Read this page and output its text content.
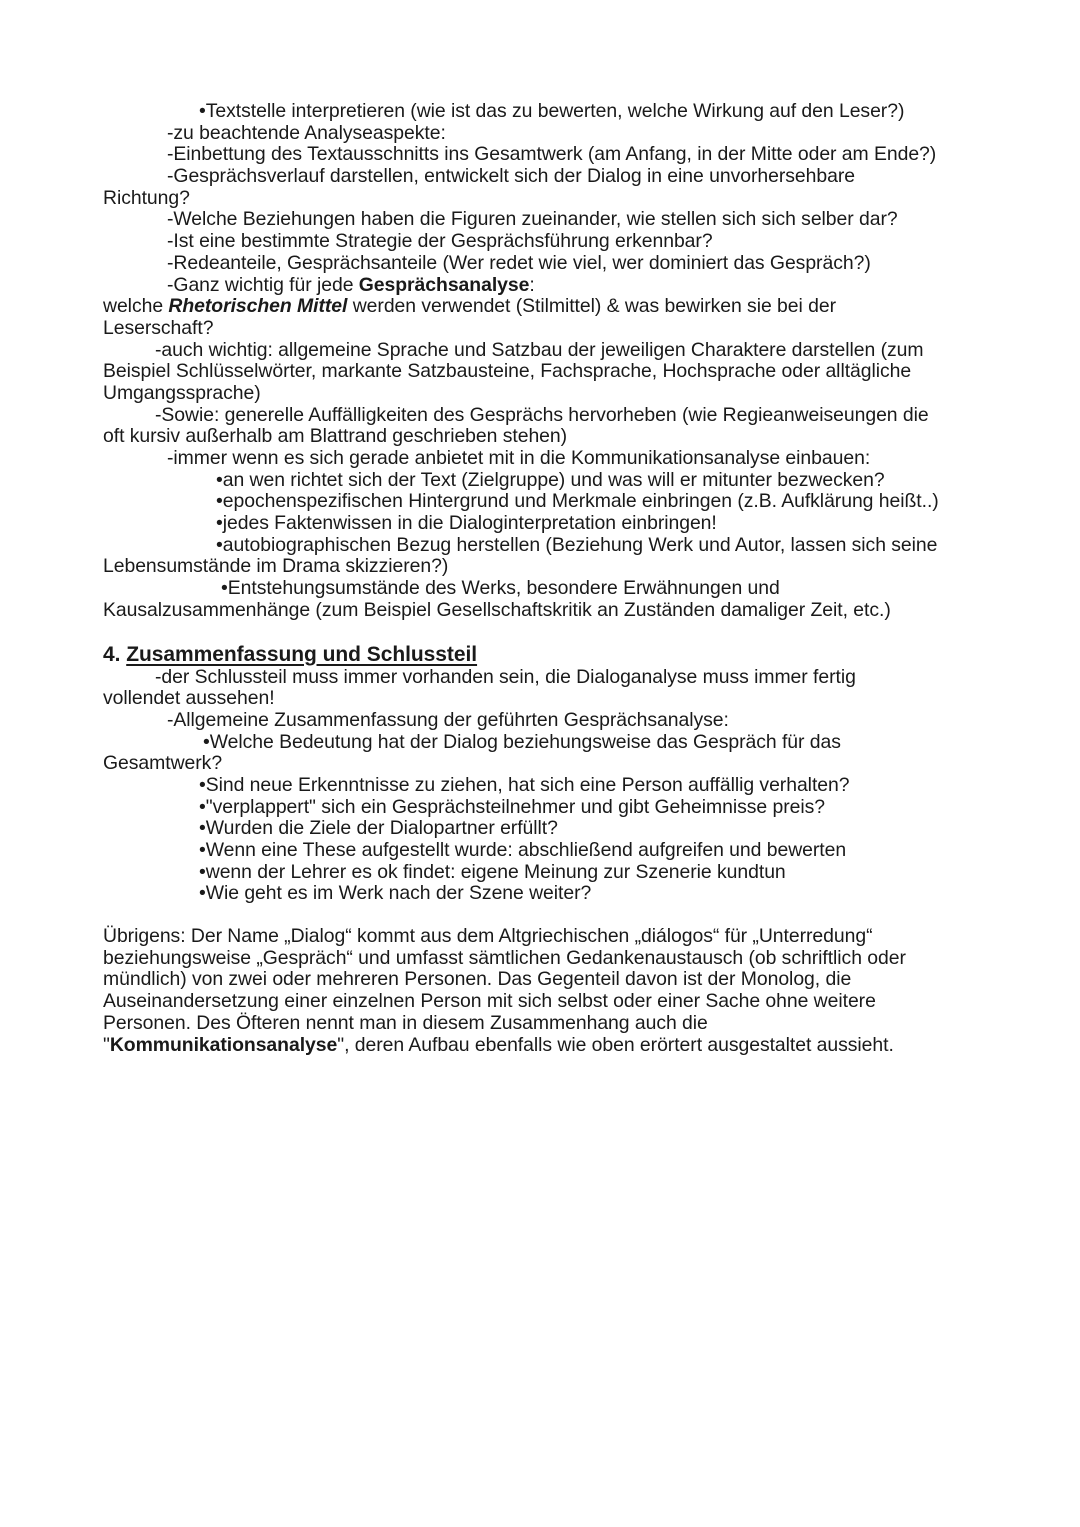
•Textstelle interpretieren (wie ist das zu bewerten, welche Wirkung auf den Leser?)
-zu beachtende Analyseaspekte:
-Einbettung des Textausschnitts ins Gesamtwerk (am Anfang, in der Mitte oder am Ende?)
-Gesprächsverlauf darstellen, entwickelt sich der Dialog in eine unvorhersehbare
Richtung?
-Welche Beziehungen haben die Figuren zueinander, wie stellen sich sich selber dar?
-Ist eine bestimmte Strategie der Gesprächsführung erkennbar?
-Redeanteile, Gesprächsanteile (Wer redet wie viel, wer dominiert das Gespräch?)
-Ganz wichtig für jede Gesprächsanalyse:
welche Rhetorischen Mittel werden verwendet (Stilmittel) & was bewirken sie bei der
Leserschaft?
-auch wichtig: allgemeine Sprache und Satzbau der jeweiligen Charaktere darstellen (zum
Beispiel Schlüsselwörter, markante Satzbausteine, Fachsprache, Hochsprache oder alltägliche
Umgangssprache)
-Sowie: generelle Auffälligkeiten des Gesprächs hervorheben (wie Regieanweiseungen die
oft kursiv außerhalb am Blattrand geschrieben stehen)
-immer wenn es sich gerade anbietet mit in die Kommunikationsanalyse einbauen:
•an wen richtet sich der Text (Zielgruppe) und was will er mitunter bezwecken?
•epochenspezifischen Hintergrund und Merkmale einbringen (z.B. Aufklärung heißt..)
•jedes Faktenwissen in die Dialoginterpretation einbringen!
•autobiographischen Bezug herstellen (Beziehung Werk und Autor, lassen sich seine
Lebensumstände im Drama skizzieren?)
•Entstehungsumstände des Werks, besondere Erwähnungen und
Kausalzusammenhänge (zum Beispiel Gesellschaftskritik an Zuständen damaliger Zeit, etc.)
4. Zusammenfassung und Schlussteil
-der Schlussteil muss immer vorhanden sein, die Dialoganalyse muss immer fertig
vollendet aussehen!
-Allgemeine Zusammenfassung der geführten Gesprächsanalyse:
•Welche Bedeutung hat der Dialog beziehungsweise das Gespräch für das
Gesamtwerk?
•Sind neue Erkenntnisse zu ziehen, hat sich eine Person auffällig verhalten?
•"verplappert" sich ein Gesprächsteilnehmer und gibt Geheimnisse preis?
•Wurden die Ziele der Dialopartner erfüllt?
•Wenn eine These aufgestellt wurde: abschließend aufgreifen und bewerten
•wenn der Lehrer es ok findet: eigene Meinung zur Szenerie kundtun
•Wie geht es im Werk nach der Szene weiter?
Übrigens: Der Name „Dialog“ kommt aus dem Altgriechischen „diálogos“ für „Unterredung“
beziehungsweise „Gespräch“ und umfasst sämtlichen Gedankenaustausch (ob schriftlich oder
mündlich) von zwei oder mehreren Personen. Das Gegenteil davon ist der Monolog, die
Auseinandersetzung einer einzelnen Person mit sich selbst oder einer Sache ohne weitere
Personen. Des Öfteren nennt man in diesem Zusammenhang auch die
"Kommunikationsanalyse", deren Aufbau ebenfalls wie oben erörtert ausgestaltet aussieht.
